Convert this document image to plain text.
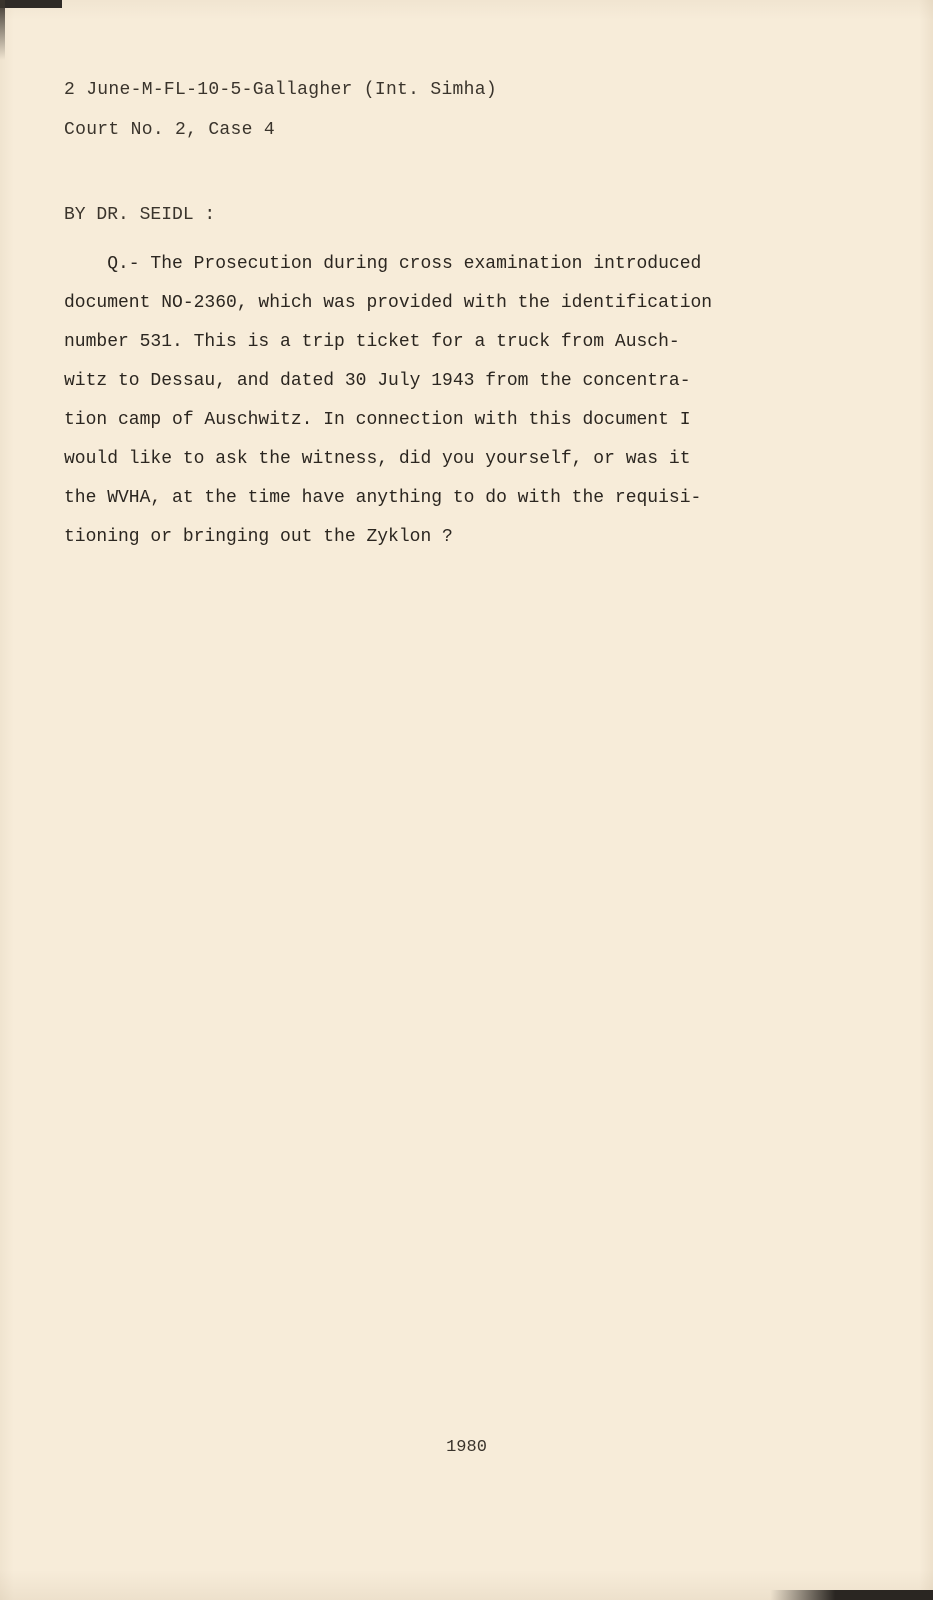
2 June-M-FL-10-5-Gallagher (Int. Simha)
Court No. 2, Case 4
BY DR. SEIDL :
Q.- The Prosecution during cross examination introduced
document NO-2360, which was provided with the identification
number 531. This is a trip ticket for a truck from Ausch-
witz to Dessau, and dated 30 July 1943 from the concentra-
tion camp of Auschwitz. In connection with this document I
would like to ask the witness, did you yourself, or was it
the WVHA, at the time have anything to do with the requisi-
tioning or bringing out the Zyklon ?
1980
